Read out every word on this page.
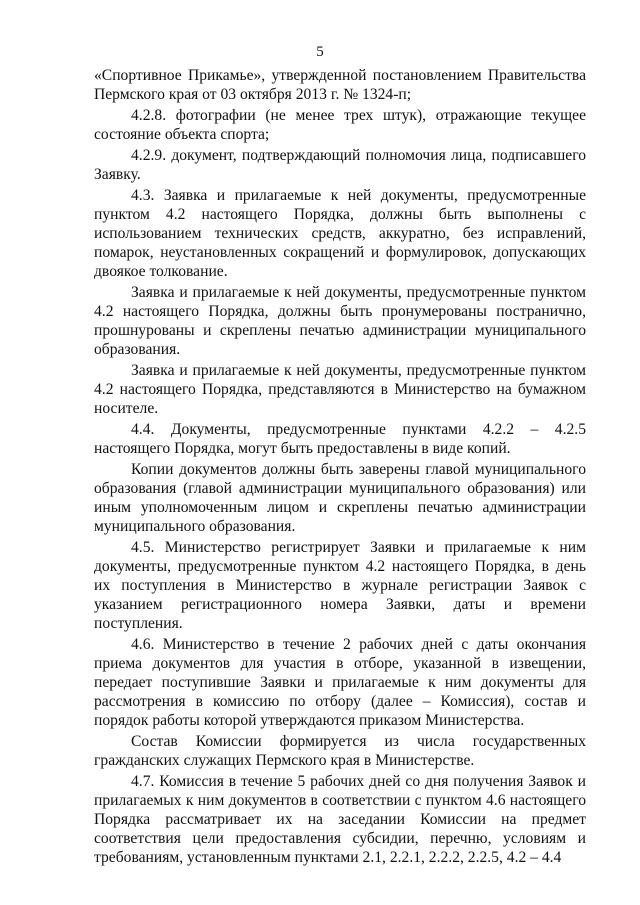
5

«Спортивное Прикамье», утвержденной постановлением Правительства Пермского края от 03 октября 2013 г. № 1324-п;

4.2.8. фотографии (не менее трех штук), отражающие текущее состояние объекта спорта;

4.2.9. документ, подтверждающий полномочия лица, подписавшего Заявку.

4.3. Заявка и прилагаемые к ней документы, предусмотренные пунктом 4.2 настоящего Порядка, должны быть выполнены с использованием технических средств, аккуратно, без исправлений, помарок, неустановленных сокращений и формулировок, допускающих двоякое толкование.

Заявка и прилагаемые к ней документы, предусмотренные пунктом 4.2 настоящего Порядка, должны быть пронумерованы постранично, прошнурованы и скреплены печатью администрации муниципального образования.

Заявка и прилагаемые к ней документы, предусмотренные пунктом 4.2 настоящего Порядка, представляются в Министерство на бумажном носителе.

4.4. Документы, предусмотренные пунктами 4.2.2 – 4.2.5 настоящего Порядка, могут быть предоставлены в виде копий.

Копии документов должны быть заверены главой муниципального образования (главой администрации муниципального образования) или иным уполномоченным лицом и скреплены печатью администрации муниципального образования.

4.5. Министерство регистрирует Заявки и прилагаемые к ним документы, предусмотренные пунктом 4.2 настоящего Порядка, в день их поступления в Министерство в журнале регистрации Заявок с указанием регистрационного номера Заявки, даты и времени поступления.

4.6. Министерство в течение 2 рабочих дней с даты окончания приема документов для участия в отборе, указанной в извещении, передает поступившие Заявки и прилагаемые к ним документы для рассмотрения в комиссию по отбору (далее – Комиссия), состав и порядок работы которой утверждаются приказом Министерства.

Состав Комиссии формируется из числа государственных гражданских служащих Пермского края в Министерстве.

4.7. Комиссия в течение 5 рабочих дней со дня получения Заявок и прилагаемых к ним документов в соответствии с пунктом 4.6 настоящего Порядка рассматривает их на заседании Комиссии на предмет соответствия цели предоставления субсидии, перечню, условиям и требованиям, установленным пунктами 2.1, 2.2.1, 2.2.2, 2.2.5, 4.2 – 4.4
